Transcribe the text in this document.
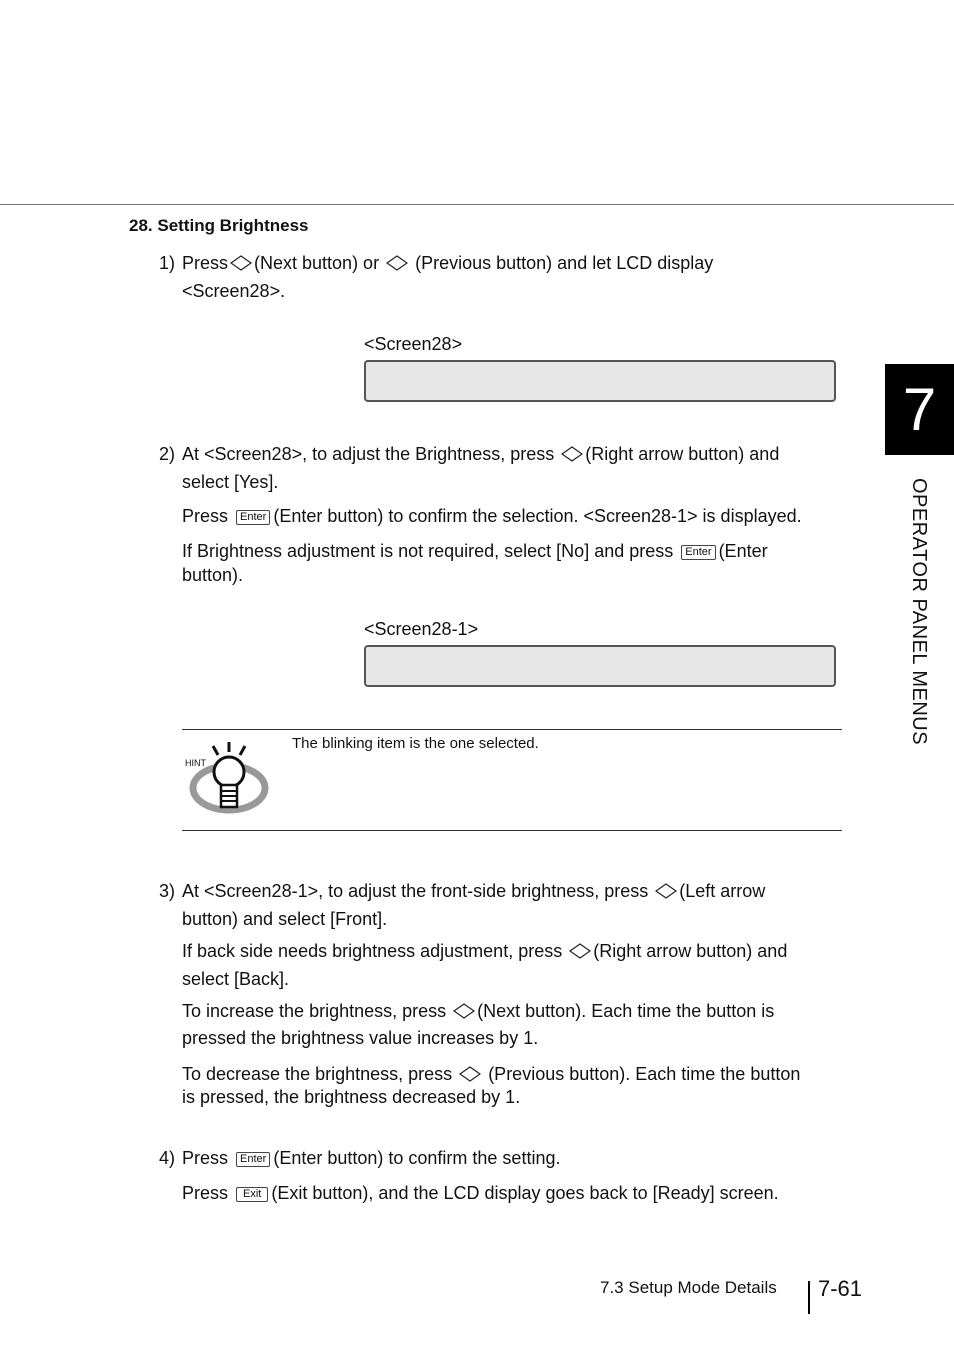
7
OPERATOR PANEL MENUS
28. Setting Brightness
1) Press (Next button) or (Previous button) and let LCD display
<Screen28>.
<Screen28>
2) At <Screen28>, to adjust the Brightness, press (Right arrow button) and
select [Yes].
Press Enter (Enter button) to confirm the selection. <Screen28-1> is displayed.
If Brightness adjustment is not required, select [No] and press Enter (Enter
button).
<Screen28-1>
HINT
The blinking item is the one selected.
3) At <Screen28-1>, to adjust the front-side brightness, press (Left arrow
button) and select [Front].
If back side needs brightness adjustment, press (Right arrow button) and
select [Back].
To increase the brightness, press (Next button). Each time the button is
pressed the brightness value increases by 1.
To decrease the brightness, press (Previous button). Each time the button
is pressed, the brightness decreased by 1.
4) Press Enter (Enter button) to confirm the setting.
Press Exit (Exit button), and the LCD display goes back to [Ready] screen.
7.3 Setup Mode Details 7-61
